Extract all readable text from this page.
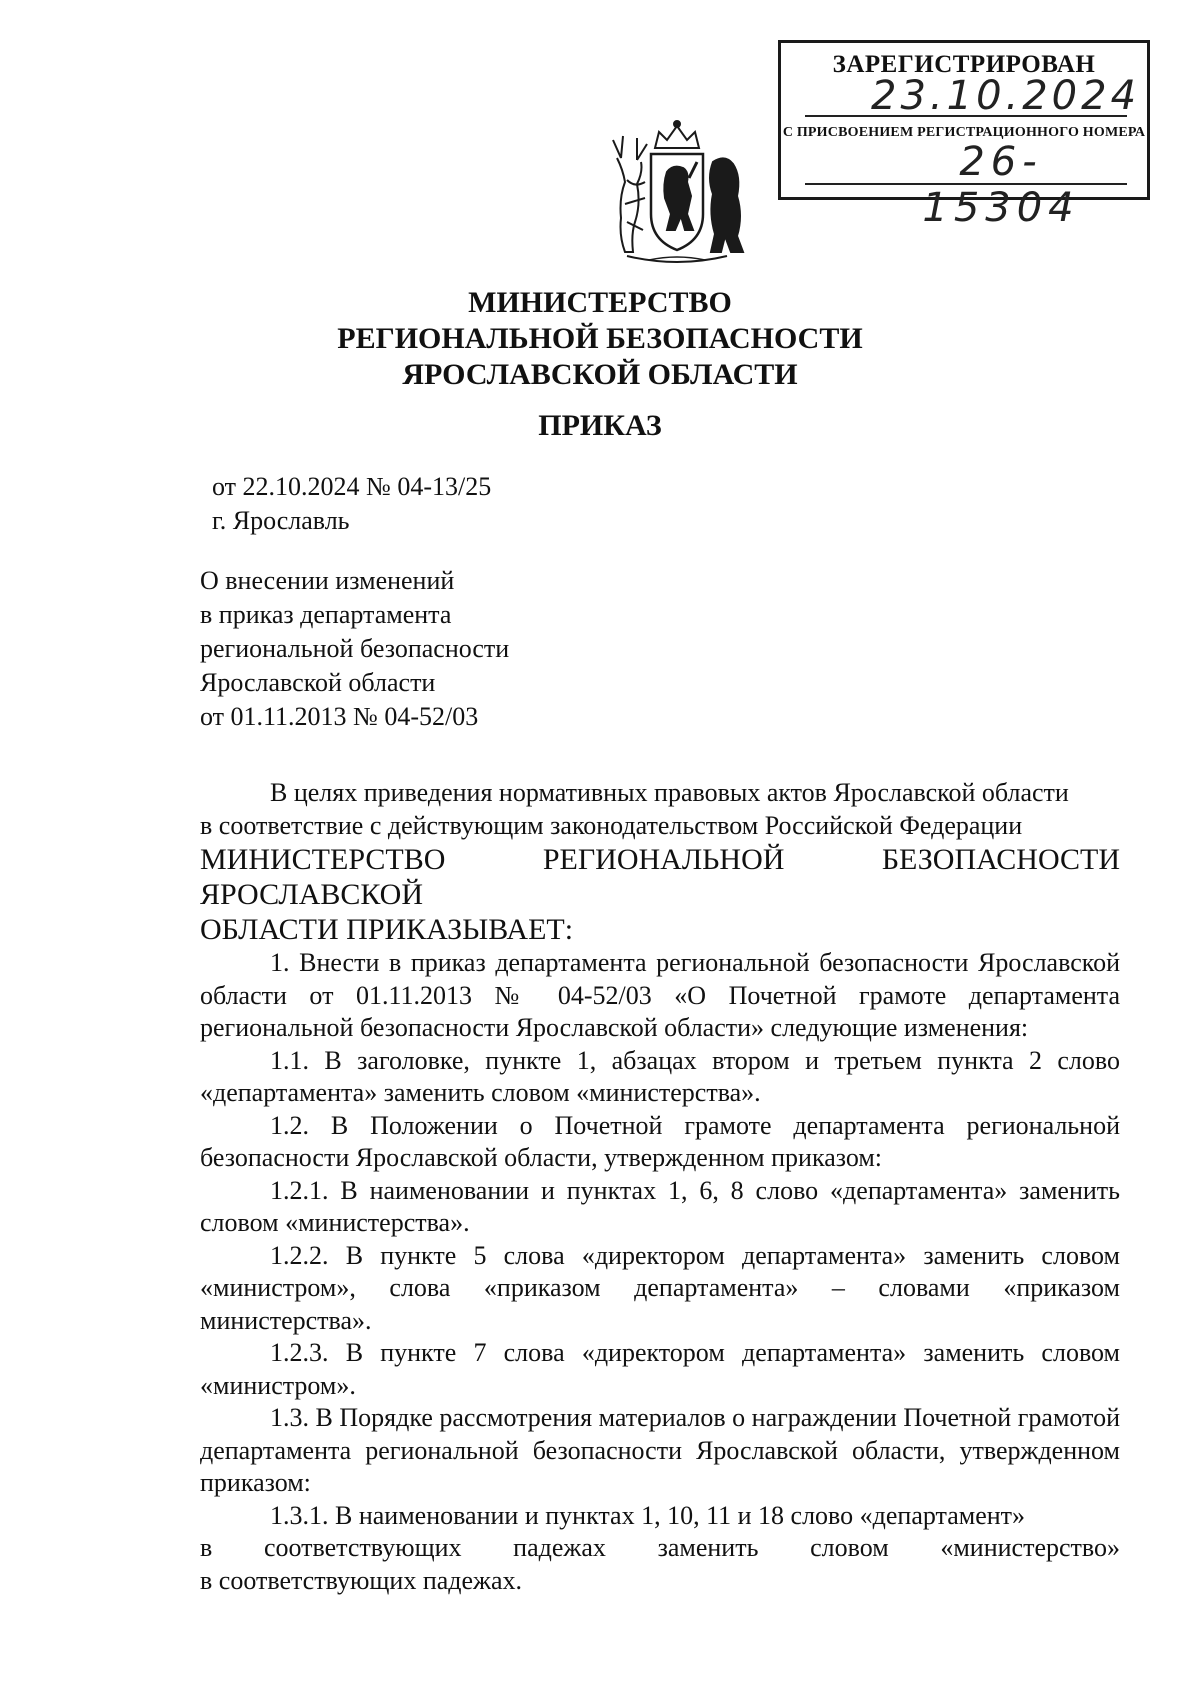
ЗАРЕГИСТРИРОВАН
23.10.2024
С ПРИСВОЕНИЕМ РЕГИСТРАЦИОННОГО НОМЕРА
26-15304
МИНИСТЕРСТВО
РЕГИОНАЛЬНОЙ БЕЗОПАСНОСТИ
ЯРОСЛАВСКОЙ ОБЛАСТИ
ПРИКАЗ
от 22.10.2024 № 04-13/25
г. Ярославль
О внесении изменений
в приказ департамента
региональной безопасности
Ярославской области
от 01.11.2013 № 04-52/03

В целях приведения нормативных правовых актов Ярославской области

в соответствие с действующим законодательством Российской Федерации

МИНИСТЕРСТВО РЕГИОНАЛЬНОЙ БЕЗОПАСНОСТИ ЯРОСЛАВСКОЙ

ОБЛАСТИ ПРИКАЗЫВАЕТ:

1. Внести в приказ департамента региональной безопасности Ярославской области от 01.11.2013 № 04-52/03 «О Почетной грамоте департамента региональной безопасности Ярославской области» следующие изменения:

1.1. В заголовке, пункте 1, абзацах втором и третьем пункта 2 слово «департамента» заменить словом «министерства».

1.2. В Положении о Почетной грамоте департамента региональной безопасности Ярославской области, утвержденном приказом:

1.2.1. В наименовании и пунктах 1, 6, 8 слово «департамента» заменить словом «министерства».

1.2.2. В пункте 5 слова «директором департамента» заменить словом «министром», слова «приказом департамента» – словами «приказом министерства».

1.2.3. В пункте 7 слова «директором департамента» заменить словом «министром».

1.3. В Порядке рассмотрения материалов о награждении Почетной грамотой департамента региональной безопасности Ярославской области, утвержденном приказом:

1.3.1. В наименовании и пунктах 1, 10, 11 и 18 слово «департамент»

в соответствующих падежах заменить словом «министерство»

в соответствующих падежах.
